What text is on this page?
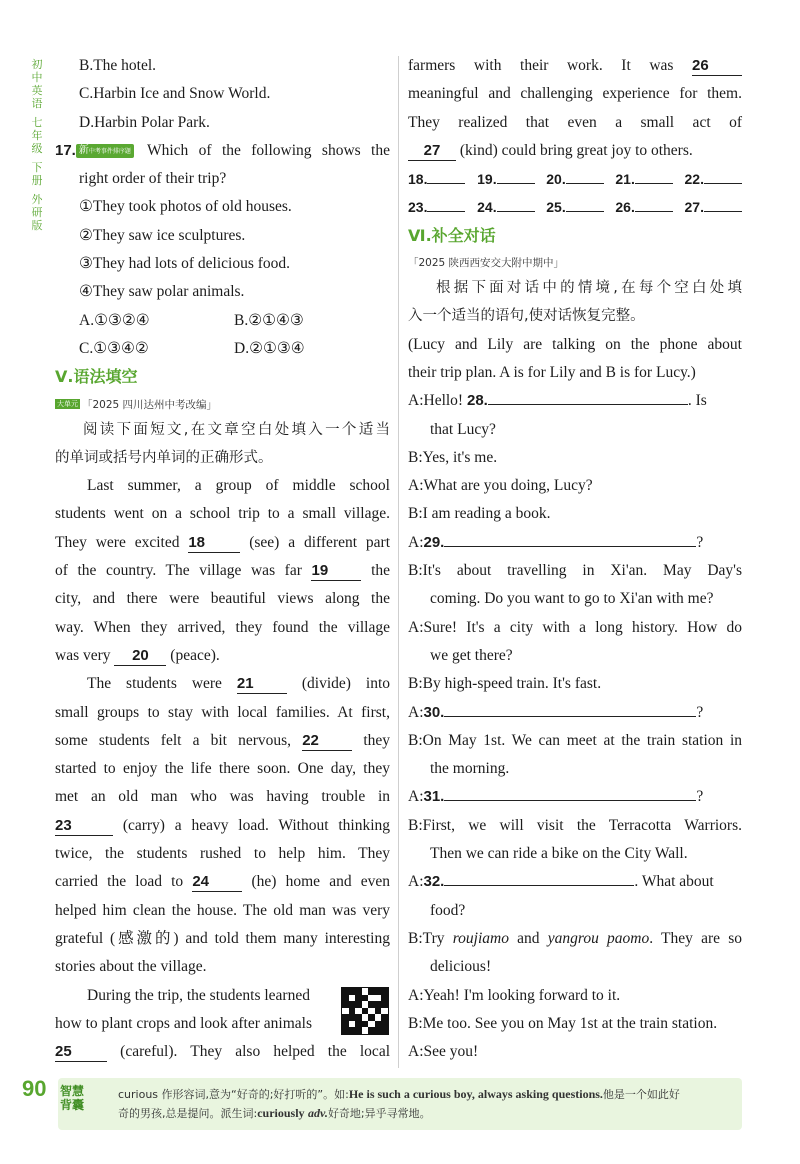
初中英语
七年级
下册
外研版
B.The hotel.
C.Harbin Ice and Snow World.
D.Harbin Polar Park.
17. 新中考事件排序题 Which of the following shows the
right order of their trip?
①They took photos of old houses.
②They saw ice sculptures.
③They had lots of delicious food.
④They saw polar animals.
A.①③②④	B.②①④③
C.①③④②	D.②①③④
Ⅴ.语法填空
大单元 「2025 四川达州中考改编」
阅读下面短文,在文章空白处填入一个适当
的单词或括号内单词的正确形式。
Last summer, a group of middle school
students went on a school trip to a small village.
They were excited 18	(see) a different part
of the country. The village was far 19	the
city, and there were beautiful views along the
way. When they arrived, they found the village
was very 20 (peace).
The students were 21	(divide) into
small groups to stay with local families. At first,
some students felt a bit nervous, 22	they
started to enjoy the life there soon. One day, they
met an old man who was having trouble in
23	(carry) a heavy load. Without thinking
twice, the students rushed to help him. They
carried the load to 24	(he) home and even
helped him clean the house. The old man was very
grateful (感激的) and told them many interesting
stories about the village.
During the trip, the students learned
how to plant crops and look after animals
25	(careful). They also helped the local
farmers with their work. It was 26
meaningful and challenging experience for them.
They realized that even a small act of
27 (kind) could bring great joy to others.
18.	19.	20.	21.	22.
23.	24.	25.	26.	27.
Ⅵ.补全对话
「2025 陕西西安交大附中期中」
根据下面对话中的情境,在每个空白处填
入一个适当的语句,使对话恢复完整。
(Lucy and Lily are talking on the phone about
their trip plan. A is for Lily and B is for Lucy.)
A:Hello! 28.	. Is
that Lucy?
B:Yes, it's me.
A:What are you doing, Lucy?
B:I am reading a book.
A:29.	?
B:It's about travelling in Xi'an. May Day's
coming. Do you want to go to Xi'an with me?
A:Sure! It's a city with a long history. How do
we get there?
B:By high-speed train. It's fast.
A:30.	?
B:On May 1st. We can meet at the train station in
the morning.
A:31.	?
B:First, we will visit the Terracotta Warriors.
Then we can ride a bike on the City Wall.
A:32.	. What about
food?
B:Try roujiamo and yangrou paomo. They are so
delicious!
A:Yeah! I'm looking forward to it.
B:Me too. See you on May 1st at the train station.
A:See you!
90 智慧背囊
curious 作形容词,意为“好奇的;好打听的”。如:He is such a curious boy, always asking questions.他是一个如此好
奇的男孩,总是提问。派生词:curiously adv.好奇地;异乎寻常地。
